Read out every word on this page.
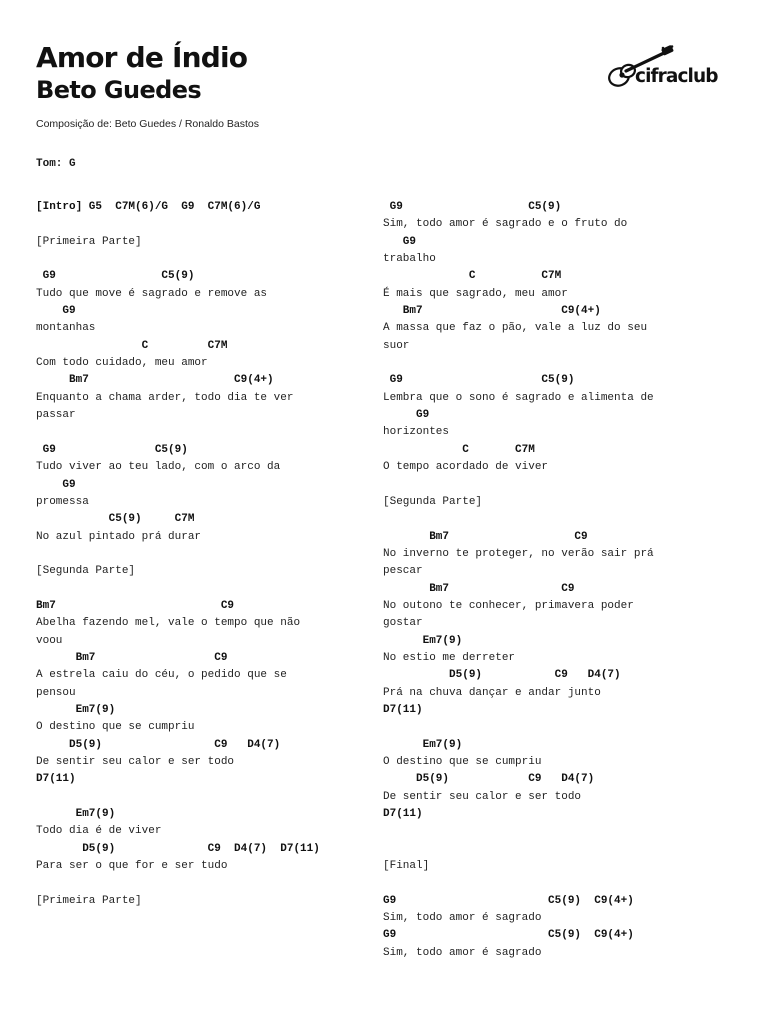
Amor de Índio
Beto Guedes
Composição de: Beto Guedes / Ronaldo Bastos
Tom: G
cifraclub
[Intro] G5  C7M(6)/G  G9  C7M(6)/G
[Primeira Parte]
G9                C5(9)
Tudo que move é sagrado e remove as
G9
montanhas
C         C7M
Com todo cuidado, meu amor
Bm7                      C9(4+)
Enquanto a chama arder, todo dia te ver
passar
G9               C5(9)
Tudo viver ao teu lado, com o arco da
G9
promessa
C5(9)     C7M
No azul pintado prá durar
[Segunda Parte]
Bm7                         C9
Abelha fazendo mel, vale o tempo que não
voou
Bm7                  C9
A estrela caiu do céu, o pedido que se
pensou
Em7(9)
O destino que se cumpriu
D5(9)                 C9   D4(7)
De sentir seu calor e ser todo
D7(11)
Em7(9)
Todo dia é de viver
D5(9)              C9  D4(7)  D7(11)
Para ser o que for e ser tudo
[Primeira Parte]
G9                   C5(9)
Sim, todo amor é sagrado e o fruto do
G9
trabalho
C          C7M
É mais que sagrado, meu amor
Bm7                     C9(4+)
A massa que faz o pão, vale a luz do seu
suor
G9                     C5(9)
Lembra que o sono é sagrado e alimenta de
G9
horizontes
C       C7M
O tempo acordado de viver
[Segunda Parte]
Bm7                   C9
No inverno te proteger, no verão sair prá
pescar
Bm7                 C9
No outono te conhecer, primavera poder
gostar
Em7(9)
No estio me derreter
D5(9)           C9   D4(7)
Prá na chuva dançar e andar junto
D7(11)
Em7(9)
O destino que se cumpriu
D5(9)            C9   D4(7)
De sentir seu calor e ser todo
D7(11)
[Final]
G9                       C5(9)  C9(4+)
Sim, todo amor é sagrado
G9                       C5(9)  C9(4+)
Sim, todo amor é sagrado
